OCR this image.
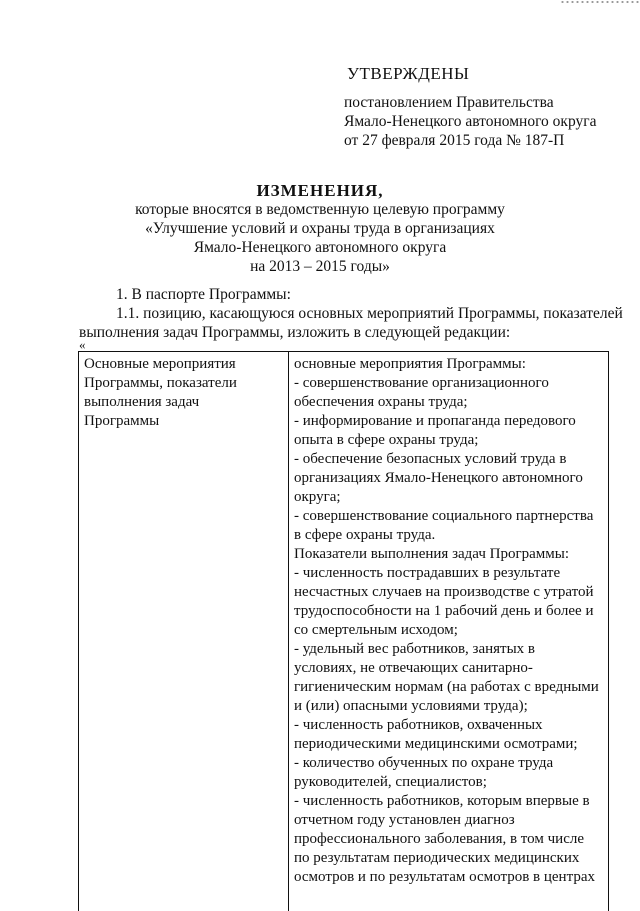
УТВЕРЖДЕНЫ
постановлением Правительства
Ямало-Ненецкого автономного округа
от 27 февраля 2015 года № 187-П
ИЗМЕНЕНИЯ,
которые вносятся в ведомственную целевую программу
«Улучшение условий и охраны труда в организациях
Ямало-Ненецкого автономного округа
на 2013 – 2015 годы»
1. В паспорте Программы:
1.1. позицию, касающуюся основных мероприятий Программы, показателей
выполнения задач Программы, изложить в следующей редакции:
«
Основные мероприятия
Программы, показатели
выполнения задач
Программы
основные мероприятия Программы:
- совершенствование организационного
обеспечения охраны труда;
- информирование и пропаганда передового
опыта в сфере охраны труда;
- обеспечение безопасных условий труда в
организациях Ямало-Ненецкого автономного
округа;
- совершенствование социального партнерства
в сфере охраны труда.
Показатели выполнения задач Программы:
- численность пострадавших в результате
несчастных случаев на производстве с утратой
трудоспособности на 1 рабочий день и более и
со смертельным исходом;
- удельный вес работников, занятых в
условиях, не отвечающих санитарно-
гигиеническим нормам (на работах с вредными
и (или) опасными условиями труда);
- численность работников, охваченных
периодическими медицинскими осмотрами;
- количество обученных по охране труда
руководителей, специалистов;
- численность работников, которым впервые в
отчетном году установлен диагноз
профессионального заболевания, в том числе
по результатам периодических медицинских
осмотров и по результатам осмотров в центрах
